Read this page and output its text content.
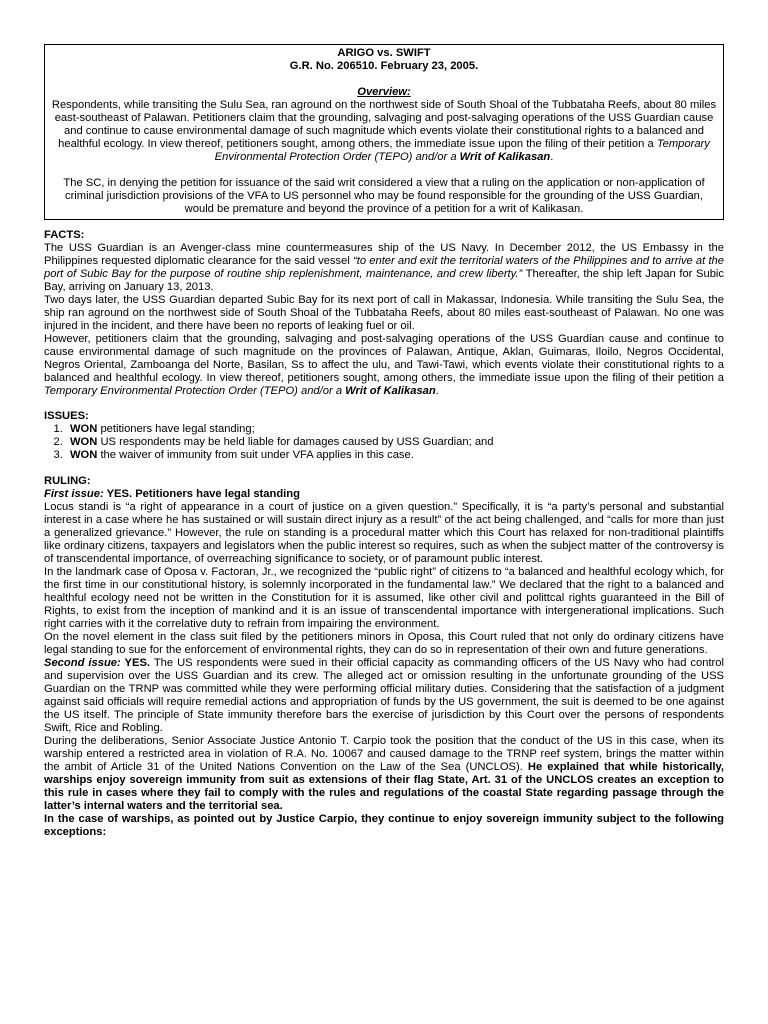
ARIGO vs. SWIFT
G.R. No. 206510. February 23, 2005.
Overview:

Respondents, while transiting the Sulu Sea, ran aground on the northwest side of South Shoal of the Tubbataha Reefs, about 80 miles east-southeast of Palawan. Petitioners claim that the grounding, salvaging and post-salvaging operations of the USS Guardian cause and continue to cause environmental damage of such magnitude which events violate their constitutional rights to a balanced and healthful ecology. In view thereof, petitioners sought, among others, the immediate issue upon the filing of their petition a Temporary Environmental Protection Order (TEPO) and/or a Writ of Kalikasan.

The SC, in denying the petition for issuance of the said writ considered a view that a ruling on the application or non-application of criminal jurisdiction provisions of the VFA to US personnel who may be found responsible for the grounding of the USS Guardian, would be premature and beyond the province of a petition for a writ of Kalikasan.

FACTS:

The USS Guardian is an Avenger-class mine countermeasures ship of the US Navy. In December 2012, the US Embassy in the Philippines requested diplomatic clearance for the said vessel “to enter and exit the territorial waters of the Philippines and to arrive at the port of Subic Bay for the purpose of routine ship replenishment, maintenance, and crew liberty.” Thereafter, the ship left Japan for Subic Bay, arriving on January 13, 2013.

Two days later, the USS Guardian departed Subic Bay for its next port of call in Makassar, Indonesia. While transiting the Sulu Sea, the ship ran aground on the northwest side of South Shoal of the Tubbataha Reefs, about 80 miles east-southeast of Palawan. No one was injured in the incident, and there have been no reports of leaking fuel or oil.

However, petitioners claim that the grounding, salvaging and post-salvaging operations of the USS Guardian cause and continue to cause environmental damage of such magnitude on the provinces of Palawan, Antique, Aklan, Guimaras, Iloilo, Negros Occidental, Negros Oriental, Zamboanga del Norte, Basilan, Ss to affect the ulu, and Tawi-Tawi, which events violate their constitutional rights to a balanced and healthful ecology. In view thereof, petitioners sought, among others, the immediate issue upon the filing of their petition a Temporary Environmental Protection Order (TEPO) and/or a Writ of Kalikasan.

ISSUES:
1. WON petitioners have legal standing;
2. WON US respondents may be held liable for damages caused by USS Guardian; and
3. WON the waiver of immunity from suit under VFA applies in this case.
RULING:
First issue: YES. Petitioners have legal standing

Locus standi is “a right of appearance in a court of justice on a given question.” Specifically, it is “a party’s personal and substantial interest in a case where he has sustained or will sustain direct injury as a result” of the act being challenged, and “calls for more than just a generalized grievance.” However, the rule on standing is a procedural matter which this Court has relaxed for non-traditional plaintiffs like ordinary citizens, taxpayers and legislators when the public interest so requires, such as when the subject matter of the controversy is of transcendental importance, of overreaching significance to society, or of paramount public interest.

In the landmark case of Oposa v. Factoran, Jr., we recognized the “public right” of citizens to “a balanced and healthful ecology which, for the first time in our constitutional history, is solemnly incorporated in the fundamental law.” We declared that the right to a balanced and healthful ecology need not be written in the Constitution for it is assumed, like other civil and polittcal rights guaranteed in the Bill of Rights, to exist from the inception of mankind and it is an issue of transcendental importance with intergenerational implications. Such right carries with it the correlative duty to refrain from impairing the environment.

On the novel element in the class suit filed by the petitioners minors in Oposa, this Court ruled that not only do ordinary citizens have legal standing to sue for the enforcement of environmental rights, they can do so in representation of their own and future generations.

Second issue: YES. The US respondents were sued in their official capacity as commanding officers of the US Navy who had control and supervision over the USS Guardian and its crew. The alleged act or omission resulting in the unfortunate grounding of the USS Guardian on the TRNP was committed while they were performing official military duties. Considering that the satisfaction of a judgment against said officials will require remedial actions and appropriation of funds by the US government, the suit is deemed to be one against the US itself. The principle of State immunity therefore bars the exercise of jurisdiction by this Court over the persons of respondents Swift, Rice and Robling.

During the deliberations, Senior Associate Justice Antonio T. Carpio took the position that the conduct of the US in this case, when its warship entered a restricted area in violation of R.A. No. 10067 and caused damage to the TRNP reef system, brings the matter within the ambit of Article 31 of the United Nations Convention on the Law of the Sea (UNCLOS). He explained that while historically, warships enjoy sovereign immunity from suit as extensions of their flag State, Art. 31 of the UNCLOS creates an exception to this rule in cases where they fail to comply with the rules and regulations of the coastal State regarding passage through the latter’s internal waters and the territorial sea.

In the case of warships, as pointed out by Justice Carpio, they continue to enjoy sovereign immunity subject to the following exceptions:
